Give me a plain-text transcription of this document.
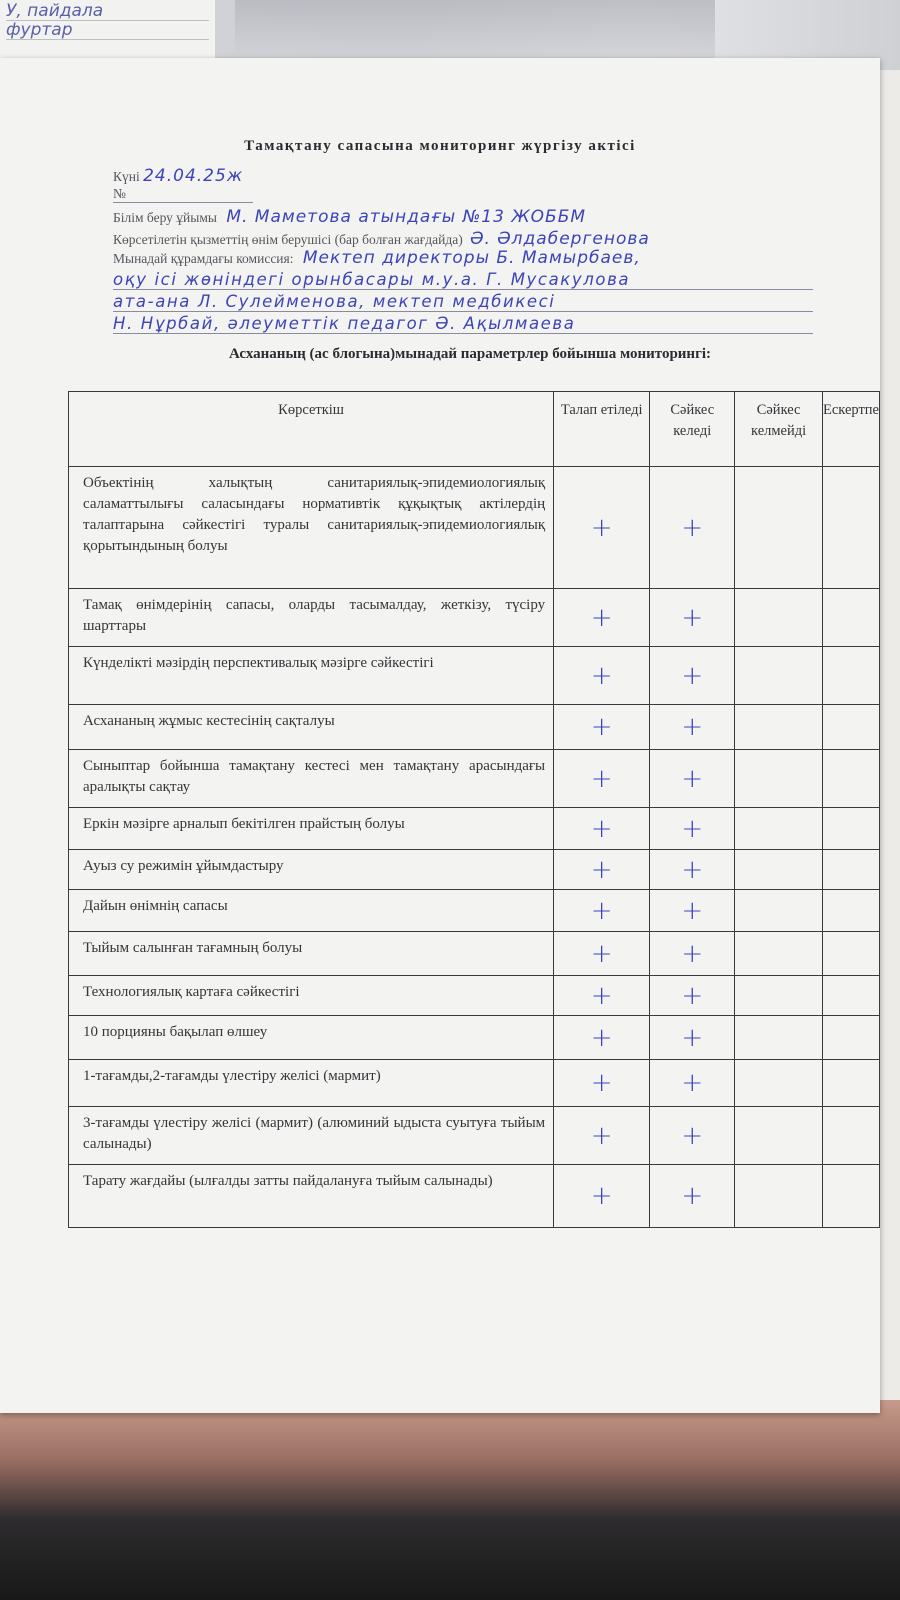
У, пайдала
фуртар
Тамақтану сапасына мониторинг жүргізу актісі
Күні 24.04.25ж
№
Білім беру ұйымы М. Маметова атындағы №13 ЖОББМ
Көрсетілетін қызметтің өнім берушісі (бар болған жағдайда) Ә. Әлдабергенова
Мынадай құрамдағы комиссия: Мектеп директоры Б. Мамырбаев,
оқу ісі жөніндегі орынбасары м.у.а. Г. Мусакулова
ата-ана Л. Сулейменова, мектеп медбикесі
Н. Нұрбай, әлеуметтік педагог Ә. Ақылмаева
Асхананың (ас блогына)мынадай параметрлер бойынша мониторингі:
Көрсеткіш	Талап етіледі	Сәйкес келеді	Сәйкес келмейді	Ескертпе
Объектінің халықтың санитариялық-эпидемиологиялық саламаттылығы саласындағы нормативтік құқықтық актілердің талаптарына сәйкестігі туралы санитариялық-эпидемиологиялық қорытындының болуы	+	+		
Тамақ өнімдерінің сапасы, оларды тасымалдау, жеткізу, түсіру шарттары	+	+		
Күнделікті мәзірдің перспективалық мәзірге сәйкестігі	+	+		
Асхананың жұмыс кестесінің сақталуы	+	+		
Сыныптар бойынша тамақтану кестесі мен тамақтану арасындағы аралықты сақтау	+	+		
Еркін мәзірге арналып бекітілген прайстың болуы	+	+		
Ауыз су режимін ұйымдастыру	+	+		
Дайын өнімнің сапасы	+	+		
Тыйым салынған тағамның болуы	+	+		
Технологиялық картаға сәйкестігі	+	+		
10 порцияны бақылап өлшеу	+	+		
1-тағамды,2-тағамды үлестіру желісі (мармит)	+	+		
3-тағамды үлестіру желісі (мармит) (алюминий ыдыста суытуға тыйым салынады)	+	+		
Тарату жағдайы (ылғалды затты пайдалануға тыйым салынады)	+	+		
